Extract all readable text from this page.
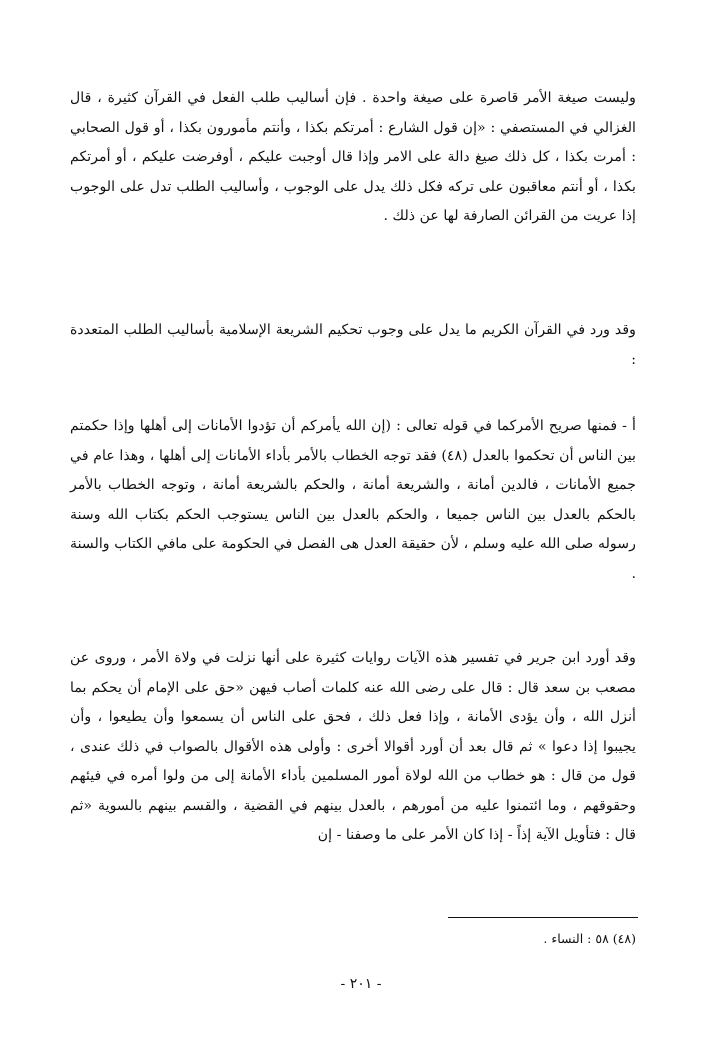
وليست صيغة الأمر قاصرة على صيغة واحدة . فإن أساليب طلب الفعل في القرآن كثيرة ، قال الغزالي في المستصفي : «إن قول الشارع : أمرتكم بكذا ، وأنتم مأمورون بكذا ، أو قول الصحابي : أمرت بكذا ، كل ذلك صيغ دالة على الامر وإذا قال أوجبت عليكم ، أوفرضت عليكم ، أو أمرتكم بكذا ، أو أنتم معاقبون على تركه فكل ذلك يدل على الوجوب ، وأساليب الطلب تدل على الوجوب إذا عريت من القرائن الصارفة لها عن ذلك .

وقد ورد في القرآن الكريم ما يدل على وجوب تحكيم الشريعة الإسلامية بأساليب الطلب المتعددة :

أ - فمنها صريح الأمركما في قوله تعالى : (إن الله يأمركم أن تؤدوا الأمانات إلى أهلها وإذا حكمتم بين الناس أن تحكموا بالعدل (٤٨) فقد توجه الخطاب بالأمر بأداء الأمانات إلى أهلها ، وهذا عام في جميع الأمانات ، فالدين أمانة ، والشريعة أمانة ، والحكم بالشريعة أمانة ، وتوجه الخطاب بالأمر بالحكم بالعدل بين الناس جميعا ، والحكم بالعدل بين الناس يستوجب الحكم بكتاب الله وسنة رسوله صلى الله عليه وسلم ، لأن حقيقة العدل هى الفصل في الحكومة على مافي الكتاب والسنة .

وقد أورد ابن جرير في تفسير هذه الآيات روايات كثيرة على أنها نزلت في ولاة الأمر ، وروى عن مصعب بن سعد قال : قال على رضى الله عنه كلمات أصاب فيهن «حق على الإمام أن يحكم بما أنزل الله ، وأن يؤدى الأمانة ، وإذا فعل ذلك ، فحق على الناس أن يسمعوا وأن يطيعوا ، وأن يجيبوا إذا دعوا » ثم قال بعد أن أورد أقوالا أخرى : وأولى هذه الأقوال بالصواب في ذلك عندى ، قول من قال : هو خطاب من الله لولاة أمور المسلمين بأداء الأمانة إلى من ولوا أمره في فيئهم وحقوقهم ، وما ائتمنوا عليه من أمورهم ، بالعدل بينهم في القضية ، والقسم بينهم بالسوية «ثم قال : فتأويل الآية إذاً - إذا كان الأمر على ما وصفنا - إن

(٤٨) ٥٨ : النساء .

- ٢٠١ -
